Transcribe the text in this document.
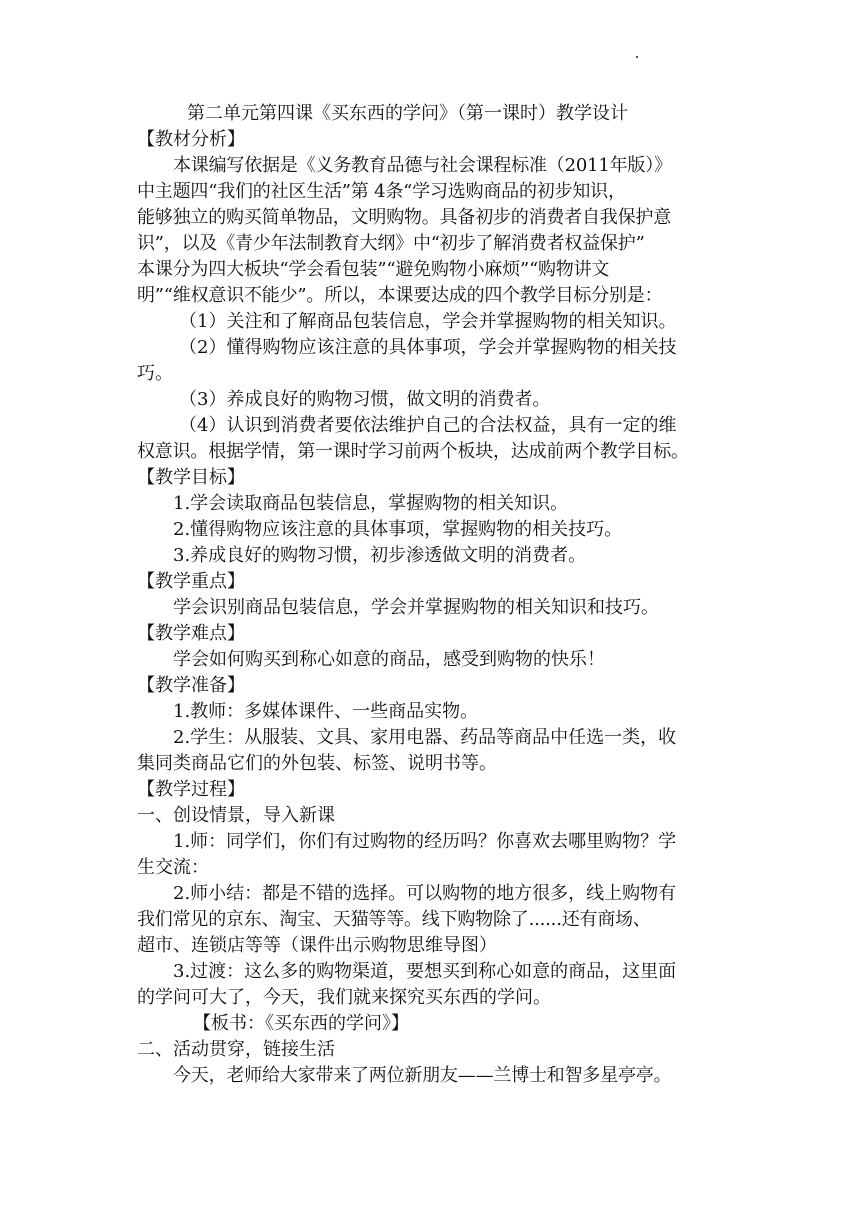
第二单元第四课《买东西的学问》（第一课时）教学设计
【教材分析】
本课编写依据是《义务教育品德与社会课程标准（2011年版）》
中主题四“我们的社区生活”第 4条“学习选购商品的初步知识，
能够独立的购买简单物品，文明购物。具备初步的消费者自我保护意
识”，以及《青少年法制教育大纲》中“初步了解消费者权益保护”
本课分为四大板块“学会看包装”“避免购物小麻烦”“购物讲文
明”“维权意识不能少”。所以，本课要达成的四个教学目标分别是：
（1）关注和了解商品包装信息，学会并掌握购物的相关知识。
（2）懂得购物应该注意的具体事项，学会并掌握购物的相关技
巧。
（3）养成良好的购物习惯，做文明的消费者。
（4）认识到消费者要依法维护自己的合法权益，具有一定的维
权意识。根据学情，第一课时学习前两个板块，达成前两个教学目标。
【教学目标】
1.学会读取商品包装信息，掌握购物的相关知识。
2.懂得购物应该注意的具体事项，掌握购物的相关技巧。
3.养成良好的购物习惯，初步渗透做文明的消费者。
【教学重点】
学会识别商品包装信息，学会并掌握购物的相关知识和技巧。
【教学难点】
学会如何购买到称心如意的商品，感受到购物的快乐！
【教学准备】
1.教师：多媒体课件、一些商品实物。
2.学生：从服装、文具、家用电器、药品等商品中任选一类，收
集同类商品它们的外包装、标签、说明书等。
【教学过程】
一、创设情景，导入新课
1.师：同学们，你们有过购物的经历吗？你喜欢去哪里购物？学
生交流：
2.师小结：都是不错的选择。可以购物的地方很多，线上购物有
我们常见的京东、淘宝、天猫等等。线下购物除了......还有商场、
超市、连锁店等等（课件出示购物思维导图）
3.过渡：这么多的购物渠道，要想买到称心如意的商品，这里面
的学问可大了，今天，我们就来探究买东西的学问。
【板书：《买东西的学问》】
二、活动贯穿，链接生活
今天，老师给大家带来了两位新朋友——兰博士和智多星亭亭。
